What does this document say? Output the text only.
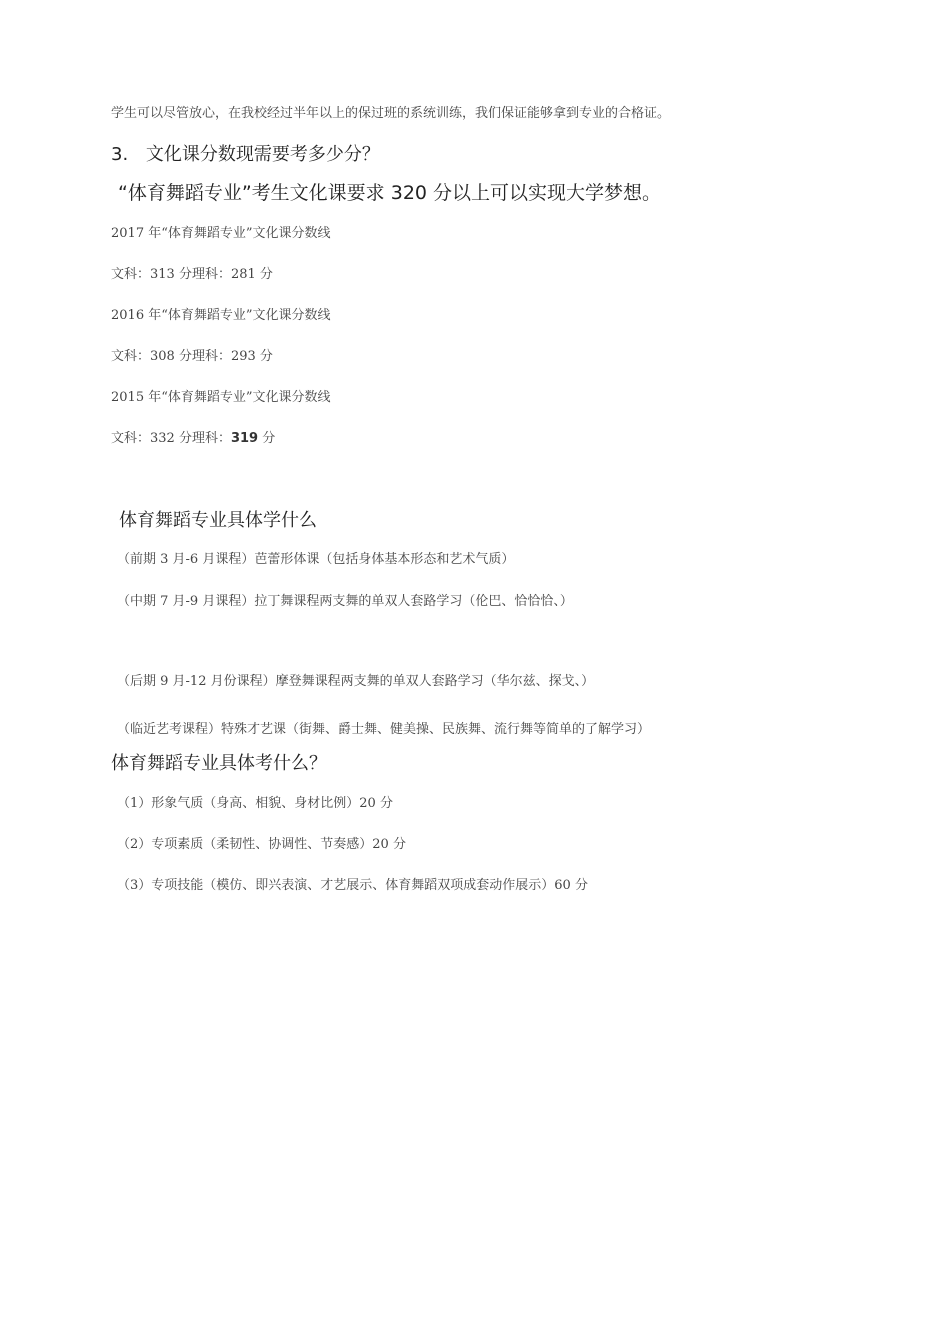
学生可以尽管放心，在我校经过半年以上的保过班的系统训练，我们保证能够拿到专业的合格证。
3. 文化课分数现需要考多少分？
“体育舞蹈专业”考生文化课要求 320 分以上可以实现大学梦想。
2017 年“体育舞蹈专业”文化课分数线
文科：313 分理科：281 分
2016 年“体育舞蹈专业”文化课分数线
文科：308 分理科：293 分
2015 年“体育舞蹈专业”文化课分数线
文科：332 分理科：319 分
体育舞蹈专业具体学什么
（前期 3 月-6 月课程）芭蕾形体课（包括身体基本形态和艺术气质）
（中期 7 月-9 月课程）拉丁舞课程两支舞的单双人套路学习（伦巴、恰恰恰、）
（后期 9 月-12 月份课程）摩登舞课程两支舞的单双人套路学习（华尔兹、探戈、）
（临近艺考课程）特殊才艺课（街舞、爵士舞、健美操、民族舞、流行舞等简单的了解学习）
体育舞蹈专业具体考什么？
（1）形象气质（身高、相貌、身材比例）20 分
（2）专项素质（柔韧性、协调性、节奏感）20 分
（3）专项技能（模仿、即兴表演、才艺展示、体育舞蹈双项成套动作展示）60 分
